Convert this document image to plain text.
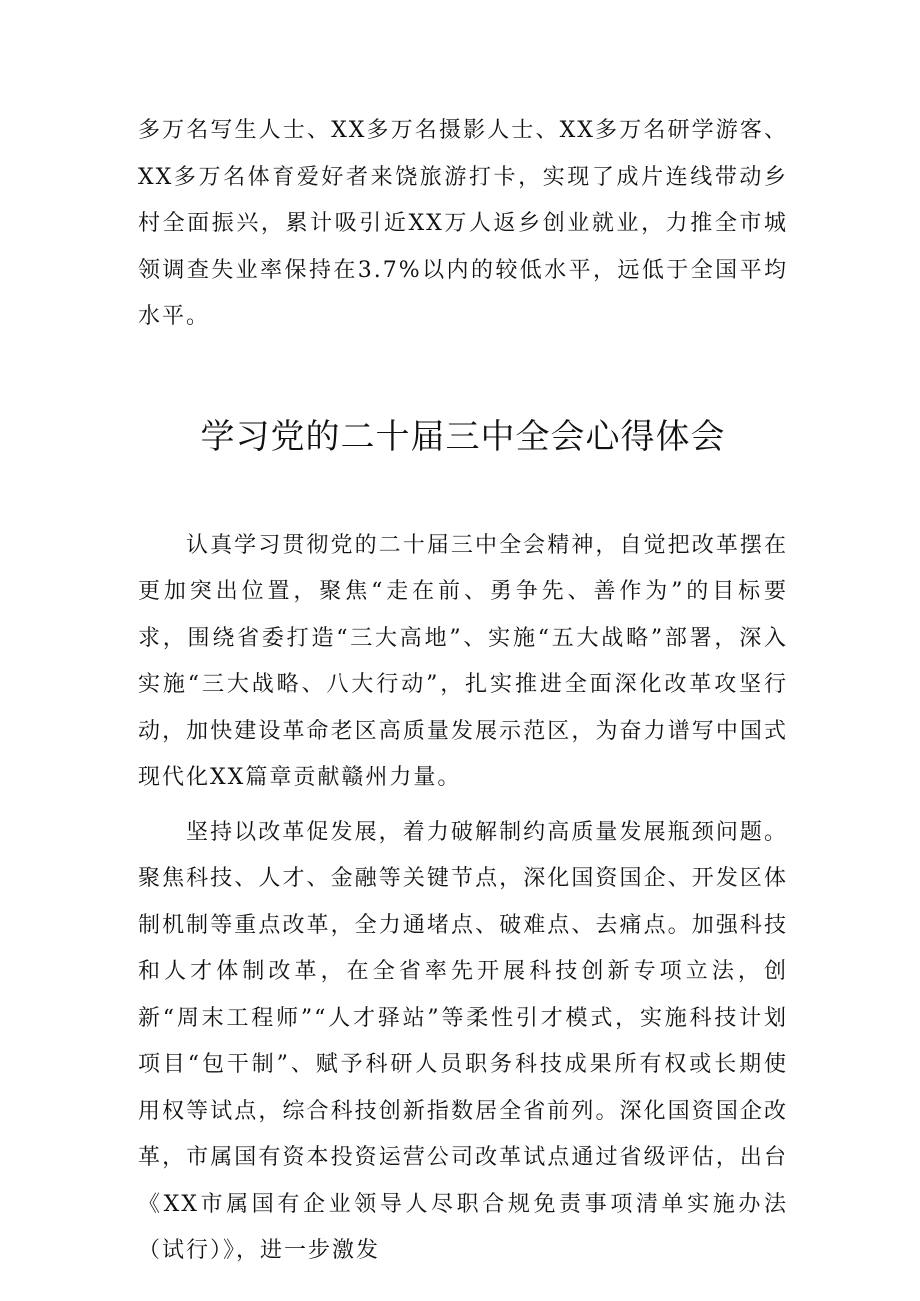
多万名写生人士、XX多万名摄影人士、XX多万名研学游客、XX多万名体育爱好者来饶旅游打卡，实现了成片连线带动乡村全面振兴，累计吸引近XX万人返乡创业就业，力推全市城领调查失业率保持在3.7%以内的较低水平，远低于全国平均水平。

学习党的二十届三中全会心得体会

认真学习贯彻党的二十届三中全会精神，自觉把改革摆在更加突出位置，聚焦“走在前、勇争先、善作为”的目标要求，围绕省委打造“三大高地”、实施“五大战略”部署，深入实施“三大战略、八大行动”，扎实推进全面深化改革攻坚行动，加快建设革命老区高质量发展示范区，为奋力谱写中国式现代化XX篇章贡献赣州力量。

坚持以改革促发展，着力破解制约高质量发展瓶颈问题。聚焦科技、人才、金融等关键节点，深化国资国企、开发区体制机制等重点改革，全力通堵点、破难点、去痛点。加强科技和人才体制改革，在全省率先开展科技创新专项立法，创新“周末工程师”“人才驿站”等柔性引才模式，实施科技计划项目“包干制”、赋予科研人员职务科技成果所有权或长期使用权等试点，综合科技创新指数居全省前列。深化国资国企改革，市属国有资本投资运营公司改革试点通过省级评估，出台《XX市属国有企业领导人尽职合规免责事项清单实施办法（试行）》，进一步激发
